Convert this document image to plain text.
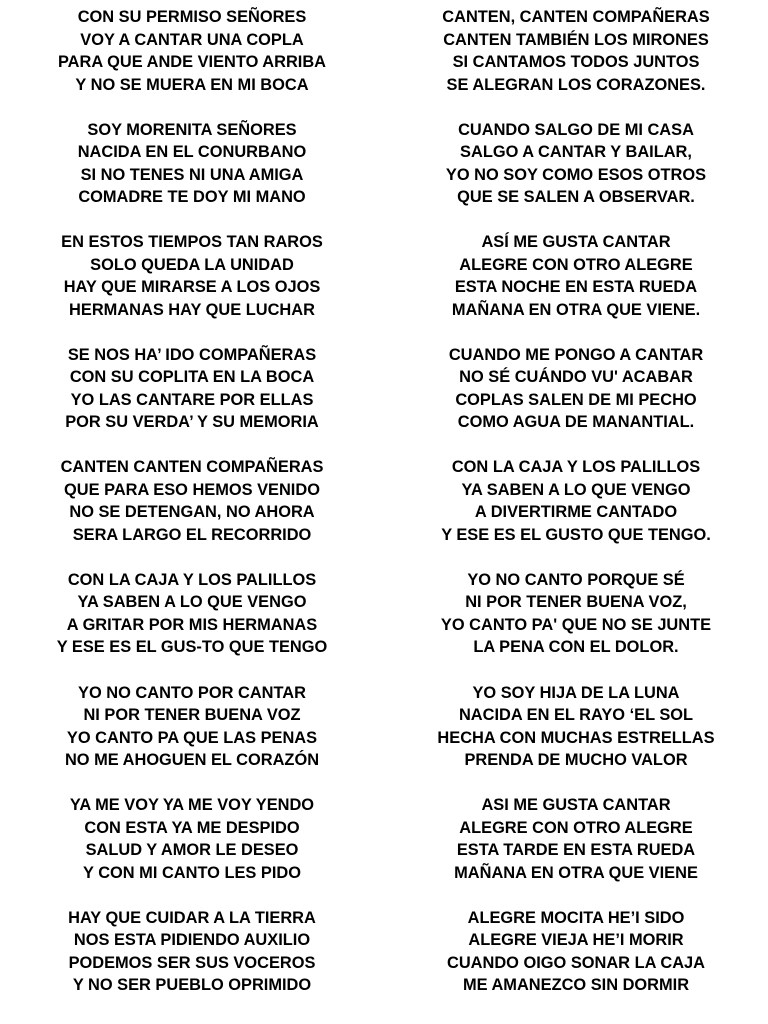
CON SU PERMISO SEÑORES
VOY A CANTAR UNA COPLA
PARA QUE ANDE VIENTO ARRIBA
Y NO SE MUERA EN MI BOCA
SOY MORENITA SEÑORES
NACIDA EN EL CONURBANO
SI NO TENES NI UNA AMIGA
COMADRE TE DOY MI MANO
EN ESTOS TIEMPOS TAN RAROS
SOLO QUEDA LA UNIDAD
HAY QUE MIRARSE A LOS OJOS
HERMANAS HAY QUE LUCHAR
SE NOS HA’ IDO COMPAÑERAS
CON SU COPLITA EN LA BOCA
YO LAS CANTARE POR ELLAS
POR SU VERDA’ Y SU MEMORIA
CANTEN CANTEN COMPAÑERAS
QUE PARA ESO HEMOS VENIDO
NO SE DETENGAN, NO AHORA
SERA LARGO EL RECORRIDO
CON LA CAJA Y LOS PALILLOS
YA SABEN A LO QUE VENGO
A GRITAR POR MIS HERMANAS
Y ESE ES EL GUS-TO QUE TENGO
YO NO CANTO POR CANTAR
NI POR TENER BUENA VOZ
YO CANTO PA QUE LAS PENAS
NO ME AHOGUEN EL CORAZÓN
YA ME VOY YA ME VOY YENDO
CON ESTA YA ME DESPIDO
SALUD Y AMOR LE DESEO
Y CON MI CANTO LES PIDO
HAY QUE CUIDAR A LA TIERRA
NOS ESTA PIDIENDO AUXILIO
PODEMOS SER SUS VOCEROS
Y NO SER PUEBLO OPRIMIDO
CANTEN, CANTEN COMPAÑERAS
CANTEN TAMBIÉN LOS MIRONES
SI CANTAMOS TODOS JUNTOS
SE ALEGRAN LOS CORAZONES.
CUANDO SALGO DE MI CASA
SALGO A CANTAR Y BAILAR,
YO NO SOY COMO ESOS OTROS
QUE SE SALEN A OBSERVAR.
ASÍ ME GUSTA CANTAR
ALEGRE CON OTRO ALEGRE
ESTA NOCHE EN ESTA RUEDA
MAÑANA EN OTRA QUE VIENE.
CUANDO ME PONGO A CANTAR
NO SÉ CUÁNDO VU' ACABAR
COPLAS SALEN DE MI PECHO
COMO AGUA DE MANANTIAL.
CON LA CAJA Y LOS PALILLOS
YA SABEN A LO QUE VENGO
A DIVERTIRME CANTADO
Y ESE ES EL GUSTO QUE TENGO.
YO NO CANTO PORQUE SÉ
NI POR TENER BUENA VOZ,
YO CANTO PA' QUE NO SE JUNTE
LA PENA CON EL DOLOR.
YO SOY HIJA DE LA LUNA
NACIDA EN EL RAYO ‘EL SOL
HECHA CON MUCHAS ESTRELLAS
PRENDA DE MUCHO VALOR
ASI ME GUSTA CANTAR
ALEGRE CON OTRO ALEGRE
ESTA TARDE EN ESTA RUEDA
MAÑANA EN OTRA QUE VIENE
ALEGRE MOCITA HE’I SIDO
ALEGRE VIEJA HE’I MORIR
CUANDO OIGO SONAR LA CAJA
ME AMANEZCO SIN DORMIR
